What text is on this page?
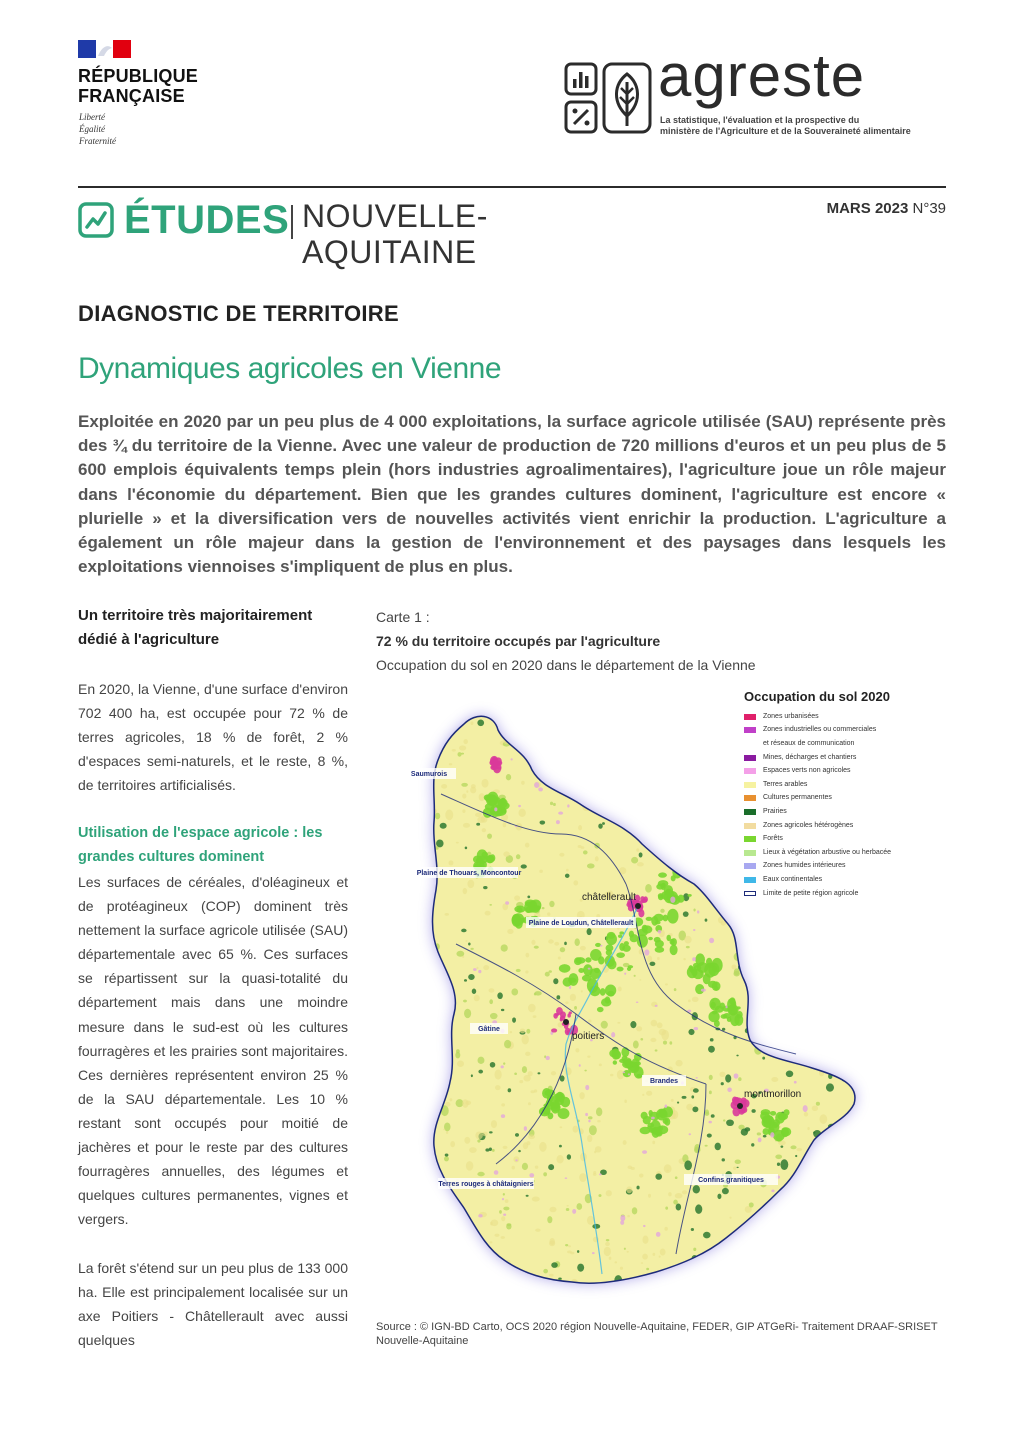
RÉPUBLIQUE
FRANÇAISE
Liberté
Égalité
Fraternité
agreste
La statistique, l'évaluation et la prospective du
ministère de l'Agriculture et de la Souveraineté alimentaire
ÉTUDES NOUVELLE-
AQUITAINE
MARS 2023 N°39
DIAGNOSTIC DE TERRITOIRE
Dynamiques agricoles en Vienne
Exploitée en 2020 par un peu plus de 4 000 exploitations, la surface agricole utilisée (SAU) représente près des ¾ du territoire de la Vienne. Avec une valeur de production de 720 millions d'euros et un peu plus de 5 600 emplois équivalents temps plein (hors industries agroalimentaires), l'agriculture joue un rôle majeur dans l'économie du département. Bien que les grandes cultures dominent, l'agriculture est encore « plurielle » et la diversification vers de nouvelles activités vient enrichir la production. L'agriculture a également un rôle majeur dans la gestion de l'environnement et des paysages dans lesquels les exploitations viennoises s'impliquent de plus en plus.
Un territoire très majoritairement dédié à l'agriculture
En 2020, la Vienne, d'une surface d'environ 702 400 ha, est occupée pour 72 % de terres agricoles, 18 % de forêt, 2 % d'espaces semi-naturels, et le reste, 8 %, de territoires artificialisés.
Utilisation de l'espace agricole : les grandes cultures dominent
Les surfaces de céréales, d'oléagineux et de protéagineux (COP) dominent très nettement la surface agricole utilisée (SAU) départementale avec 65 %. Ces surfaces se répartissent sur la quasi-totalité du département mais dans une moindre mesure dans le sud-est où les cultures fourragères et les prairies sont majoritaires. Ces dernières représentent environ 25 % de la SAU départementale. Les 10 % restant sont occupés pour moitié de jachères et pour le reste par des cultures fourragères annuelles, des légumes et quelques cultures permanentes, vignes et vergers.
La forêt s'étend sur un peu plus de 133 000 ha. Elle est principalement localisée sur un axe Poitiers - Châtellerault avec aussi quelques
Carte 1 :
72 % du territoire occupés par l'agriculture
Occupation du sol en 2020 dans le département de la Vienne
Saumurois
Plaine de Thouars, Moncontour
Plaine de Loudun, Châtellerault
Gâtine
Brandes
Terres rouges à châtaigniers
Confins granitiques
châtellerault
poitiers
montmorillon
Occupation du sol 2020
Zones urbanisées
Zones industrielles ou commerciales
et réseaux de communication
Mines, décharges et chantiers
Espaces verts non agricoles
Terres arables
Cultures permanentes
Prairies
Zones agricoles hétérogènes
Forêts
Lieux à végétation arbustive ou herbacée
Zones humides intérieures
Eaux continentales
Limite de petite région agricole
Source : © IGN-BD Carto, OCS 2020 région Nouvelle-Aquitaine, FEDER, GIP ATGeRi- Traitement DRAAF-SRISET Nouvelle-Aquitaine
